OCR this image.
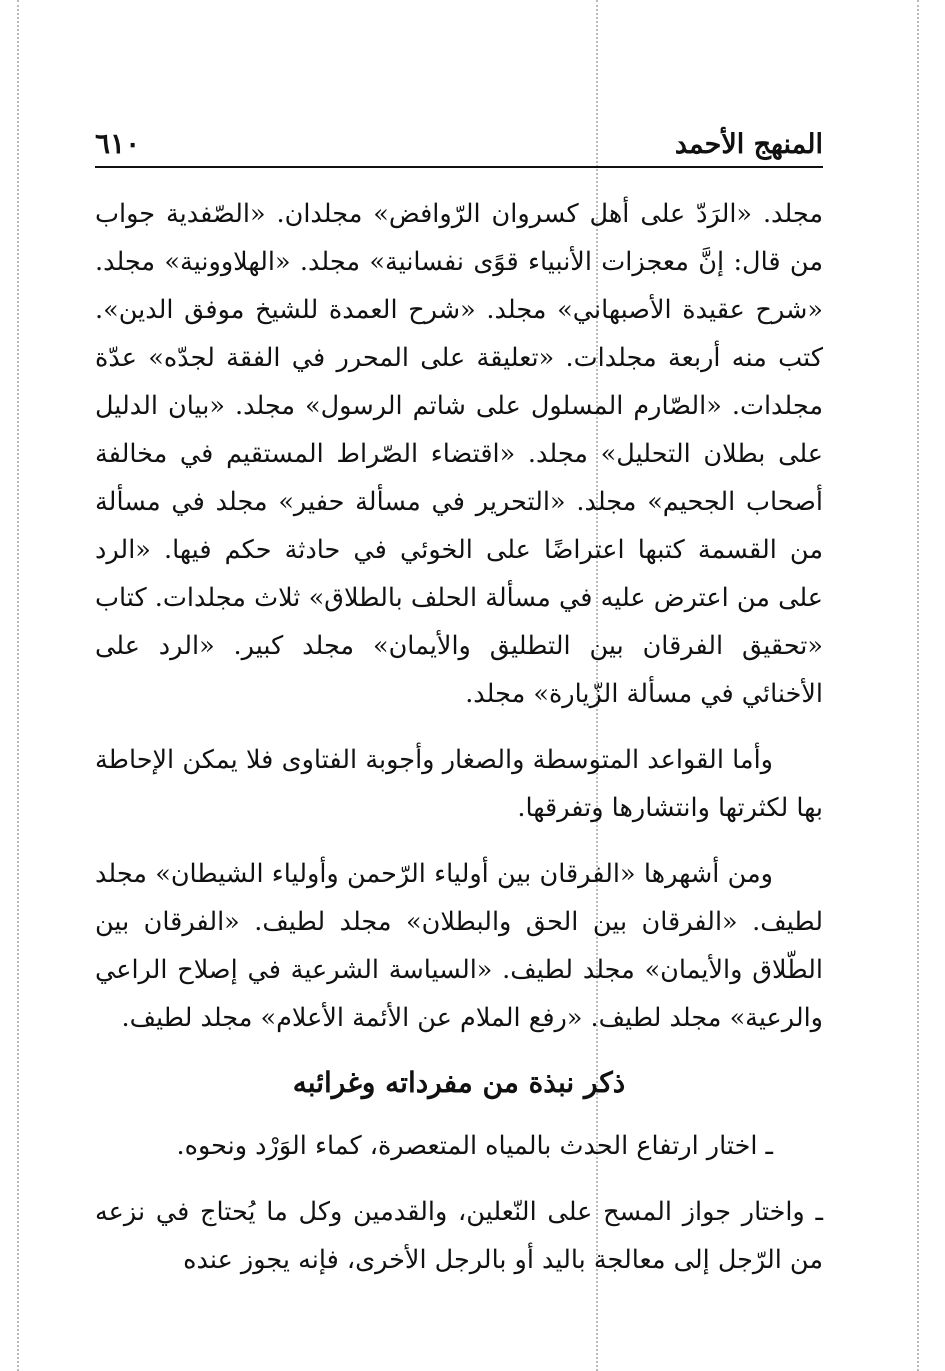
المنهج الأحمد
٦١٠

مجلد. «الرَدّ على أهل كسروان الرّوافض» مجلدان. «الصّفدية جواب من قال: إنَّ معجزات الأنبياء قوًى نفسانية» مجلد. «الهلاوونية» مجلد. «شرح عقيدة الأصبهاني» مجلد. «شرح العمدة للشيخ موفق الدين». كتب منه أربعة مجلدات. «تعليقة على المحرر في الفقة لجدّه» عدّة مجلدات. «الصّارم المسلول على شاتم الرسول» مجلد. «بيان الدليل على بطلان التحليل» مجلد. «اقتضاء الصّراط المستقيم في مخالفة أصحاب الجحيم» مجلد. «التحرير في مسألة حفير» مجلد في مسألة من القسمة كتبها اعتراضًا على الخوئي في حادثة حكم فيها. «الرد على من اعترض عليه في مسألة الحلف بالطلاق» ثلاث مجلدات. كتاب «تحقيق الفرقان بين التطليق والأيمان» مجلد كبير. «الرد على الأخنائي في مسألة الزّيارة» مجلد.

وأما القواعد المتوسطة والصغار وأجوبة الفتاوى فلا يمكن الإحاطة بها لكثرتها وانتشارها وتفرقها.

ومن أشهرها «الفرقان بين أولياء الرّحمن وأولياء الشيطان» مجلد لطيف. «الفرقان بين الحق والبطلان» مجلد لطيف. «الفرقان بين الطّلاق والأيمان» مجلد لطيف. «السياسة الشرعية في إصلاح الراعي والرعية» مجلد لطيف. «رفع الملام عن الأئمة الأعلام» مجلد لطيف.

ذكر نبذة من مفرداته وغرائبه

ـ اختار ارتفاع الحدث بالمياه المتعصرة، كماء الوَرْد ونحوه.

ـ واختار جواز المسح على النّعلين، والقدمين وكل ما يُحتاج في نزعه من الرّجل إلى معالجة باليد أو بالرجل الأخرى، فإنه يجوز عنده
